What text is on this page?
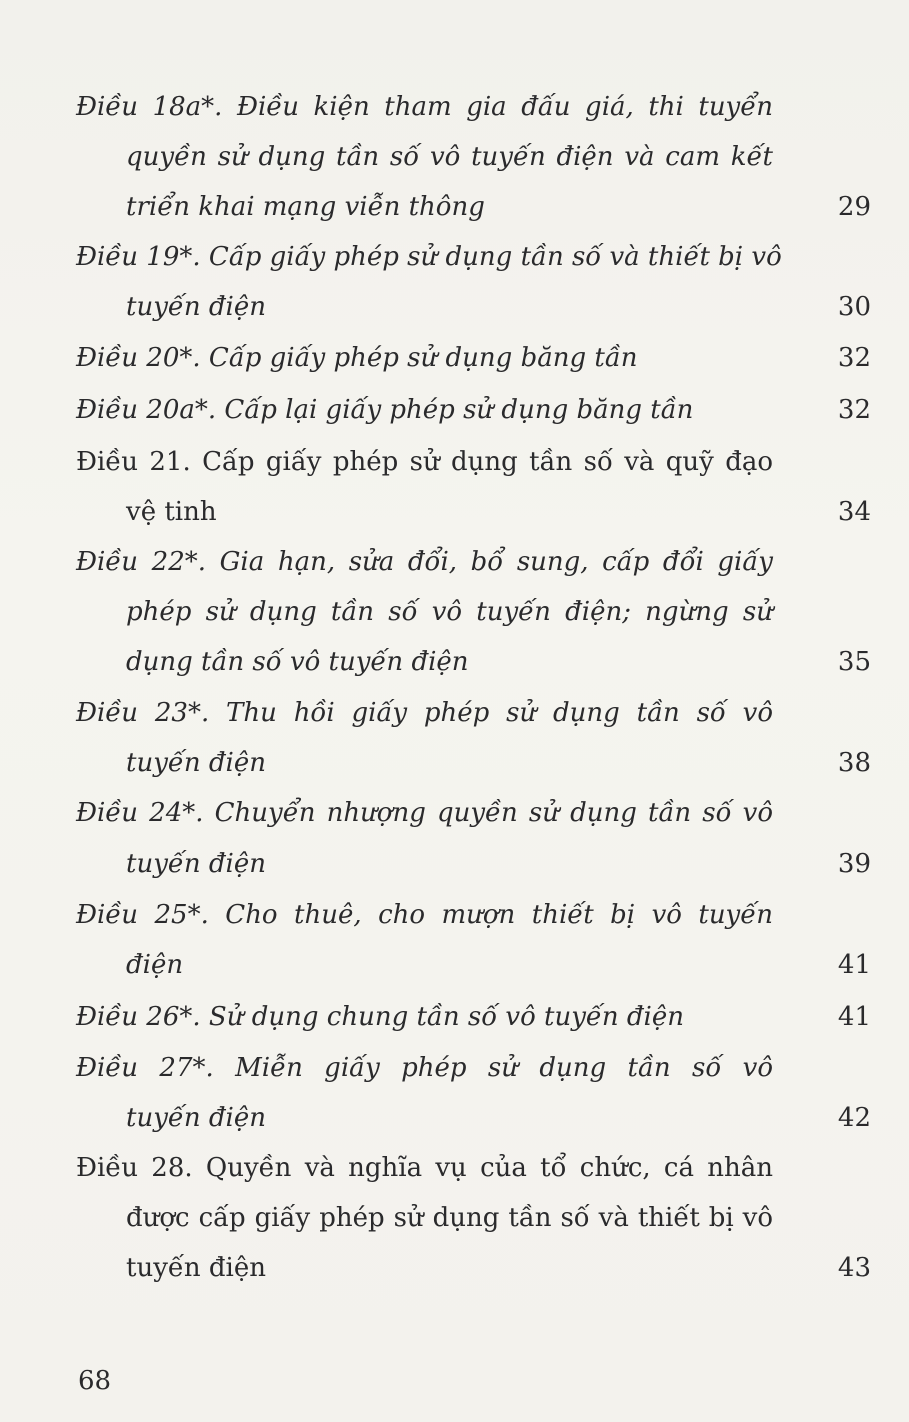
Điều 18a*. Điều kiện tham gia đấu giá, thi tuyển
quyền sử dụng tần số vô tuyến điện và cam kết
triển khai mạng viễn thông	29
Điều 19*. Cấp giấy phép sử dụng tần số và thiết bị vô
tuyến điện	30
Điều 20*. Cấp giấy phép sử dụng băng tần	32
Điều 20a*. Cấp lại giấy phép sử dụng băng tần	32
Điều 21. Cấp giấy phép sử dụng tần số và quỹ đạo
vệ tinh	34
Điều 22*. Gia hạn, sửa đổi, bổ sung, cấp đổi giấy
phép sử dụng tần số vô tuyến điện; ngừng sử
dụng tần số vô tuyến điện	35
Điều 23*. Thu hồi giấy phép sử dụng tần số vô
tuyến điện	38
Điều 24*. Chuyển nhượng quyền sử dụng tần số vô
tuyến điện	39
Điều 25*. Cho thuê, cho mượn thiết bị vô tuyến
điện	41
Điều 26*. Sử dụng chung tần số vô tuyến điện	41
Điều 27*. Miễn giấy phép sử dụng tần số vô
tuyến điện	42
Điều 28. Quyền và nghĩa vụ của tổ chức, cá nhân
được cấp giấy phép sử dụng tần số và thiết bị vô
tuyến điện	43
68
